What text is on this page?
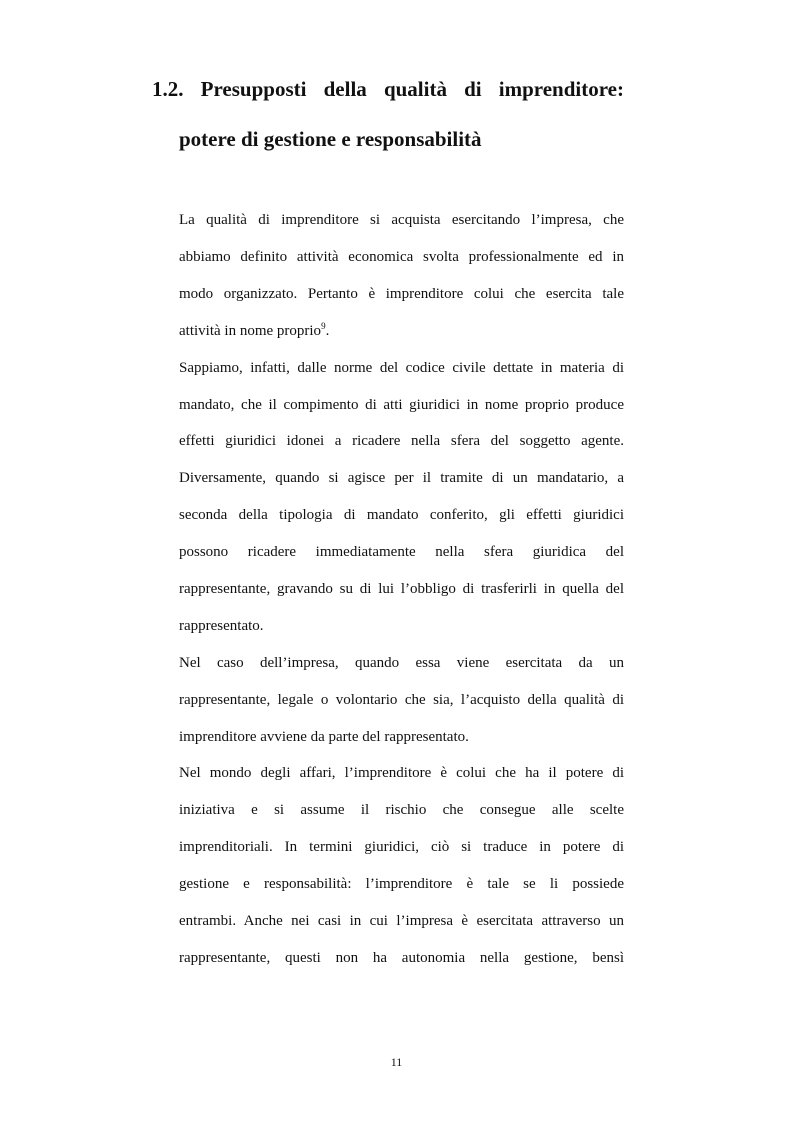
1.2. Presupposti della qualità di imprenditore:
potere di gestione e responsabilità

La qualità di imprenditore si acquista esercitando l’impresa, che

abbiamo definito attività economica svolta professionalmente ed in

modo organizzato. Pertanto è imprenditore colui che esercita tale

attività in nome proprio$^9$.

Sappiamo, infatti, dalle norme del codice civile dettate in materia di

mandato, che il compimento di atti giuridici in nome proprio produce

effetti giuridici idonei a ricadere nella sfera del soggetto agente.

Diversamente, quando si agisce per il tramite di un mandatario, a

seconda della tipologia di mandato conferito, gli effetti giuridici

possono ricadere immediatamente nella sfera giuridica del

rappresentante, gravando su di lui l’obbligo di trasferirli in quella del

rappresentato.

Nel caso dell’impresa, quando essa viene esercitata da un

rappresentante, legale o volontario che sia, l’acquisto della qualità di

imprenditore avviene da parte del rappresentato.

Nel mondo degli affari, l’imprenditore è colui che ha il potere di

iniziativa e si assume il rischio che consegue alle scelte

imprenditoriali. In termini giuridici, ciò si traduce in potere di

gestione e responsabilità: l’imprenditore è tale se li possiede

entrambi. Anche nei casi in cui l’impresa è esercitata attraverso un

rappresentante, questi non ha autonomia nella gestione, bensì

11
